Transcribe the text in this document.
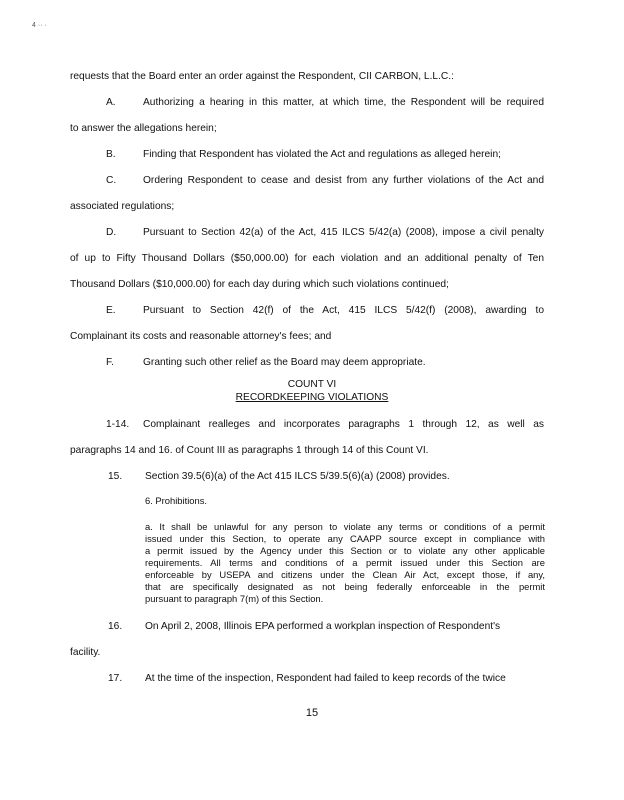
4 ·· ·
requests that the Board enter an order against the Respondent, CII CARBON, L.L.C.:
A.	Authorizing a hearing in this matter, at which time, the Respondent will be required
to answer the allegations herein;
B.	Finding that Respondent has violated the Act and regulations as alleged herein;
C.	Ordering Respondent to cease and desist from any further violations of the Act and
associated regulations;
D.	Pursuant to Section 42(a) of the Act, 415 ILCS 5/42(a) (2008), impose a civil penalty
of up to Fifty Thousand Dollars ($50,000.00) for each violation and an additional penalty of Ten
Thousand Dollars ($10,000.00) for each day during which such violations continued;
E.	Pursuant to Section 42(f) of the Act, 415 ILCS 5/42(f) (2008), awarding to
Complainant its costs and reasonable attorney's fees; and
F.	Granting such other relief as the Board may deem appropriate.
COUNT VI
RECORDKEEPING VIOLATIONS
1-14. Complainant realleges and incorporates paragraphs 1 through 12, as well as
paragraphs 14 and 16. of Count III as paragraphs 1 through 14 of this Count VI.
15. Section 39.5(6)(a) of the Act 415 ILCS 5/39.5(6)(a) (2008) provides.
6. Prohibitions.
a. It shall be unlawful for any person to violate any terms or conditions of a permit
issued under this Section, to operate any CAAPP source except in compliance with
a permit issued by the Agency under this Section or to violate any other applicable
requirements. All terms and conditions of a permit issued under this Section are
enforceable by USEPA and citizens under the Clean Air Act, except those, if any,
that are specifically designated as not being federally enforceable in the permit
pursuant to paragraph 7(m) of this Section.
16. On April 2, 2008, Illinois EPA performed a workplan inspection of Respondent's
facility.
17. At the time of the inspection, Respondent had failed to keep records of the twice
15
